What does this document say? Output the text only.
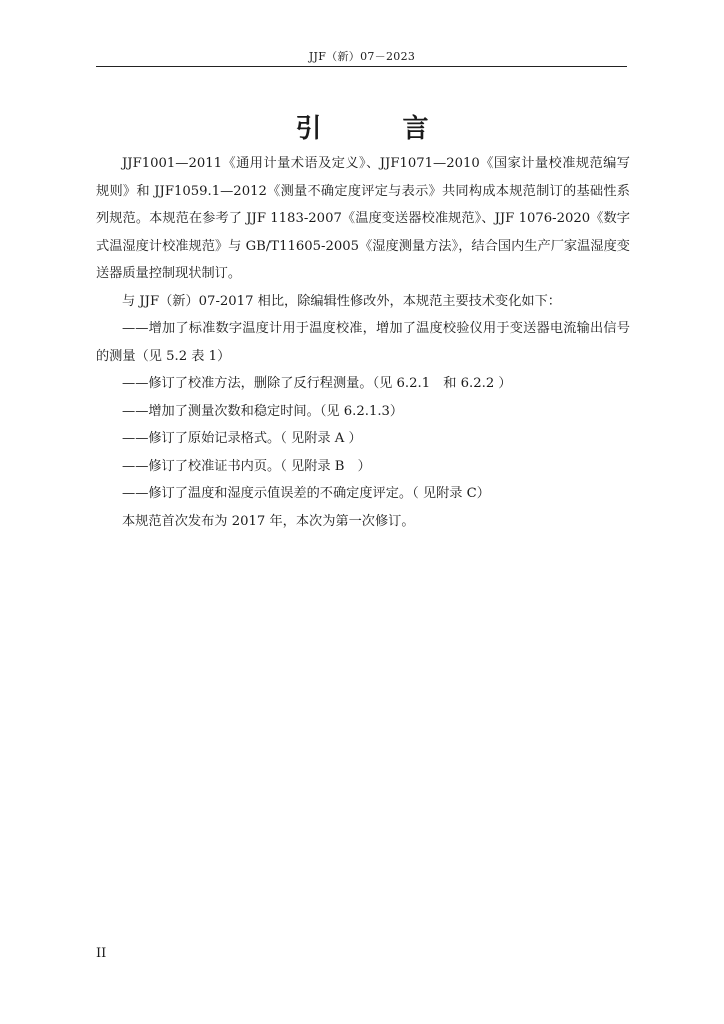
JJF（新）07－2023
引 言

JJF1001—2011《通用计量术语及定义》、JJF1071—2010《国家计量校准规范编写规则》和 JJF1059.1—2012《测量不确定度评定与表示》共同构成本规范制订的基础性系列规范。本规范在参考了 JJF 1183-2007《温度变送器校准规范》、JJF 1076-2020《数字式温湿度计校准规范》与 GB/T11605-2005《湿度测量方法》，结合国内生产厂家温湿度变送器质量控制现状制订。

与 JJF（新）07-2017 相比，除编辑性修改外，本规范主要技术变化如下：

——增加了标准数字温度计用于温度校准，增加了温度校验仪用于变送器电流输出信号的测量（见 5.2 表 1）

——修订了校准方法，删除了反行程测量。（见 6.2.1　和 6.2.2 ）

——增加了测量次数和稳定时间。（见 6.2.1.3）

——修订了原始记录格式。（ 见附录 A ）

——修订了校准证书内页。（ 见附录 B　）

——修订了温度和湿度示值误差的不确定度评定。（ 见附录 C）

本规范首次发布为 2017 年，本次为第一次修订。

II
